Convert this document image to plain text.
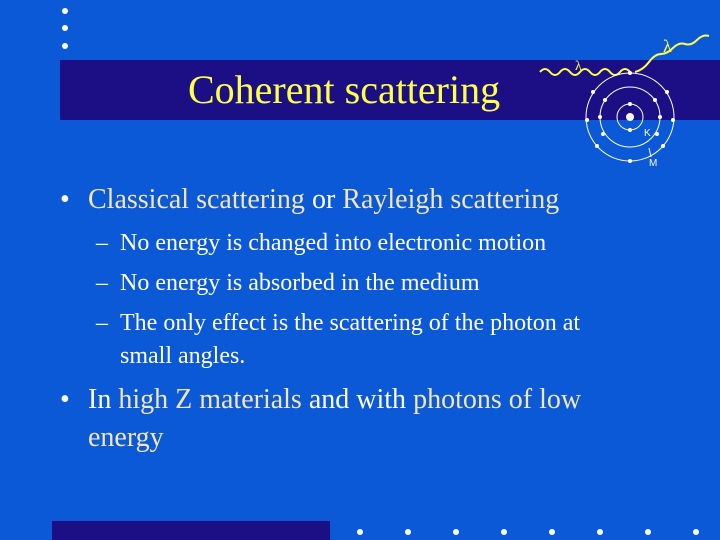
Coherent scattering
λ
λ
K
M
• Classical scattering or Rayleigh scattering
– No energy is changed into electronic motion
– No energy is absorbed in the medium
– The only effect is the scattering of the photon at
small angles.
• In high Z materials and with photons of low
energy
